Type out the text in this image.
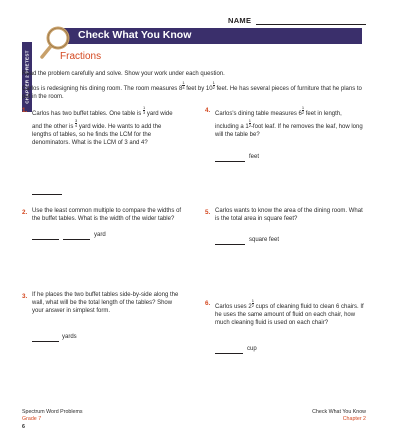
NAME
CHAPTER 2 PRETEST
Check What You Know
Fractions
Read the problem carefully and solve. Show your work under each question.
Carlos is redesigning his dining room. The room measures $8 \frac{1}{4}$ feet by $10 \frac{1}{2}$ feet. He has several pieces of furniture that he plans to put in the room.
1. Carlos has two buffet tables. One table is $\frac{1}{3}$ yard wide and the other is $\frac{3}{4}$ yard wide. He wants to add the lengths of tables, so he finds the LCM for the denominators. What is the LCM of 3 and 4?
4. Carlos's dining table measures $6 \frac{1}{2}$ feet in length, including a $1 \frac{1}{2}$ -foot leaf. If he removes the leaf, how long will the table be?
feet
2. Use the least common multiple to compare the widths of the buffet tables. What is the width of the wider table?
yard
5. Carlos wants to know the area of the dining room. What is the total area in square feet?
square feet
3. If he places the two buffet tables side-by-side along the wall, what will be the total length of the tables? Show your answer in simplest form.
yards
6. Carlos uses $2 \frac{1}{2}$ cups of cleaning fluid to clean 6 chairs. If he uses the same amount of fluid on each chair, how much cleaning fluid is used on each chair?
cup
Spectrum Word Problems
Grade 7
6
Check What You Know
Chapter 2
